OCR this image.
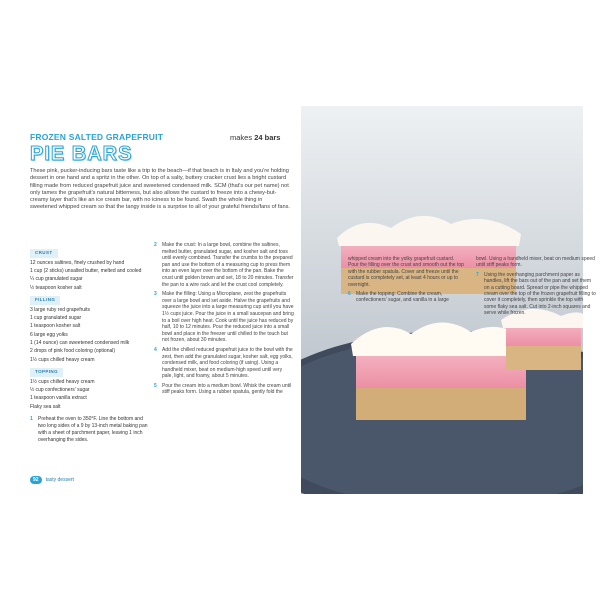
FROZEN SALTED GRAPEFRUIT	makes 24 bars
PIE BARS
These pink, pucker-inducing bars taste like a trip to the beach—if that beach is in Italy and you're holding dessert in one hand and a spritz in the other. On top of a salty, buttery cracker crust lies a bright custard filling made from reduced grapefruit juice and sweetened condensed milk. SCM (that's our pet name) not only tames the grapefruit's natural bitterness, but also allows the custard to freeze into a chewy-but-creamy layer that's like an ice cream bar, with no iciness to be found. Swath the whole thing in sweetened whipped cream so that the tangy inside is a surprise to all of your grateful friends/fans of fans.
CRUST
12 ounces saltines, finely crushed by hand
1 cup (2 sticks) unsalted butter, melted and cooled
¼ cup granulated sugar
½ teaspoon kosher salt
FILLING
3 large ruby red grapefruits
1 cup granulated sugar
1 teaspoon kosher salt
6 large egg yolks
1 (14 ounce) can sweetened condensed milk
2 drops of pink food coloring (optional)
1½ cups chilled heavy cream
TOPPING
1½ cups chilled heavy cream
½ cup confectioners' sugar
1 teaspoon vanilla extract
Flaky sea salt
1	Preheat the oven to 350°F. Line the bottom and two long sides of a 9 by 13-inch metal baking pan with a sheet of parchment paper, leaving 1 inch overhanging the sides.
2	Make the crust: In a large bowl, combine the saltines, melted butter, granulated sugar, and kosher salt and toss until evenly combined. Transfer the crumbs to the prepared pan and use the bottom of a measuring cup to press them into an even layer over the bottom of the pan. Bake the crust until golden brown and set, 18 to 20 minutes. Transfer the pan to a wire rack and let the crust cool completely.
3	Make the filling: Using a Microplane, zest the grapefruits over a large bowl and set aside. Halve the grapefruits and squeeze the juice into a large measuring cup until you have 1½ cups juice. Pour the juice in a small saucepan and bring to a boil over high heat. Cook until the juice has reduced by half, 10 to 12 minutes. Pour the reduced juice into a small bowl and place in the freezer until chilled to the touch but not frozen, about 30 minutes.
4	Add the chilled reduced grapefruit juice to the bowl with the zest, then add the granulated sugar, kosher salt, egg yolks, condensed milk, and food coloring (if using). Using a handheld mixer, beat on medium-high speed until very pale, light, and foamy, about 5 minutes.
5	Pour the cream into a medium bowl. Whisk the cream until stiff peaks form. Using a rubber spatula, gently fold the
92	tasty dessert
whipped cream into the yolky grapefruit custard. Pour the filling over the crust and smooth out the top with the rubber spatula. Cover and freeze until the custard is completely set, at least 4 hours or up to overnight.
6	Make the topping: Combine the cream, confectioners' sugar, and vanilla in a large
bowl. Using a handheld mixer, beat on medium speed until stiff peaks form.
7	Using the overhanging parchment paper as handles, lift the bars out of the pan and set them on a cutting board. Spread or pipe the whipped cream over the top of the frozen grapefruit filling to cover it completely, then sprinkle the top with some flaky sea salt. Cut into 2-inch squares and serve while frozen.
